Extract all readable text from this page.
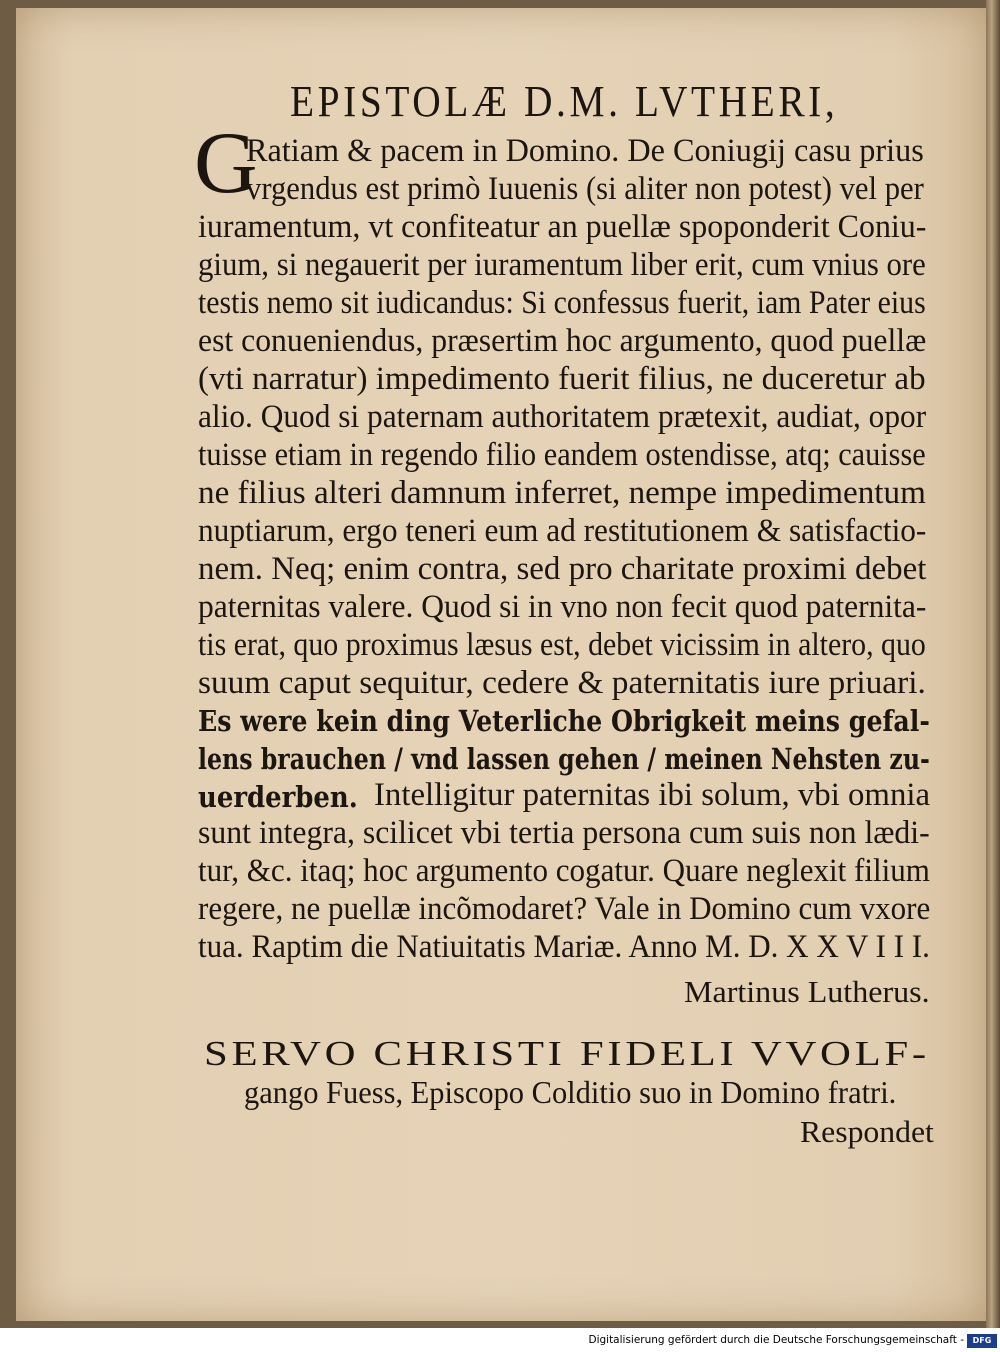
EPISTOLÆ D.M. LVTHERI,
G
Ratiam & pacem in Domino. De Coniugij casu prius
vrgendus est primò Iuuenis (si aliter non potest) vel per
iuramentum, vt confiteatur an puellæ spoponderit Coniu-
gium, si negauerit per iuramentum liber erit, cum vnius ore
testis nemo sit iudicandus: Si confessus fuerit, iam Pater eius
est conueniendus, præsertim hoc argumento, quod puellæ
(vti narratur) impedimento fuerit filius, ne duceretur ab
alio. Quod si paternam authoritatem prætexit, audiat, opor
tuisse etiam in regendo filio eandem ostendisse, atq; cauisse
ne filius alteri damnum inferret, nempe impedimentum
nuptiarum, ergo teneri eum ad restitutionem & satisfactio-
nem. Neq; enim contra, sed pro charitate proximi debet
paternitas valere. Quod si in vno non fecit quod paternita-
tis erat, quo proximus læsus est, debet vicissim in altero, quo
suum caput sequitur, cedere & paternitatis iure priuari.
Es were kein ding Veterliche Obrigkeit meins gefal-
lens brauchen / vnd lassen gehen / meinen Nehsten zu-
uerderben. Intelligitur paternitas ibi solum, vbi omnia
sunt integra, scilicet vbi tertia persona cum suis non lædi-
tur, &c. itaq; hoc argumento cogatur. Quare neglexit filium
regere, ne puellæ incõmodaret? Vale in Domino cum vxore
tua. Raptim die Natiuitatis Mariæ. Anno M. D. X X V I I I.
Martinus Lutherus.
SERVO CHRISTI FIDELI VVOLF-
gango Fuess, Episcopo Colditio suo in Domino fratri.
Respondet
Digitalisierung gefördert durch die Deutsche Forschungsgemeinschaft -	DFG
